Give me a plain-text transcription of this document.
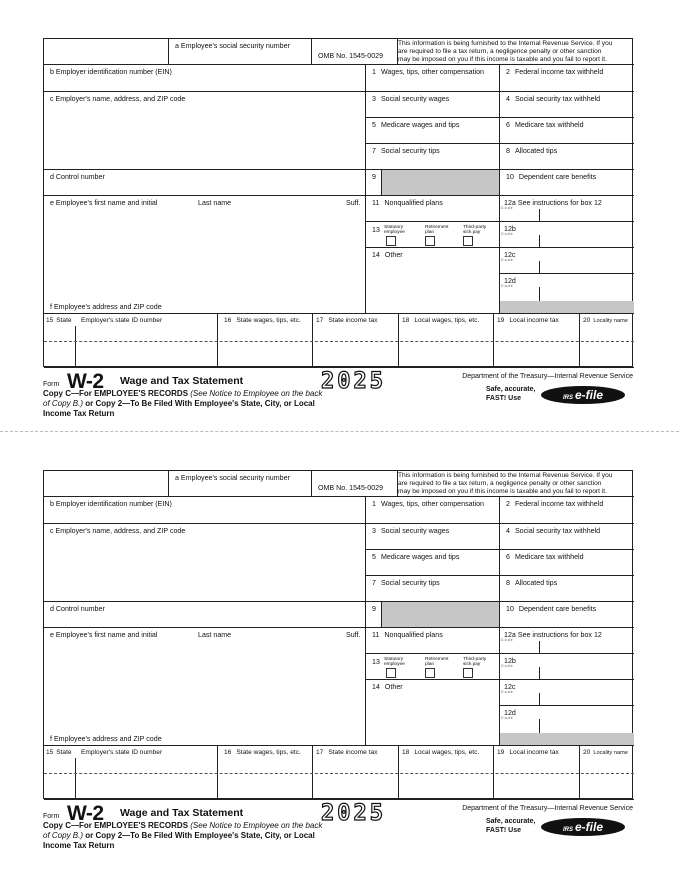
a Employee's social security number
OMB No. 1545-0029
This information is being furnished to the Internal Revenue Service. If you
are required to file a tax return, a negligence penalty or other sanction
may be imposed on you if this income is taxable and you fail to report it.
b Employer identification number (EIN)	1 Wages, tips, other compensation	2 Federal income tax withheld
c Employer's name, address, and ZIP code	3 Social security wages	4 Social security tax withheld
5 Medicare wages and tips	6 Medicare tax withheld
7 Social security tips	8 Allocated tips
d Control number	9	10 Dependent care benefits
e Employee's first name and initial	Last name	Suff.
f Employee's address and ZIP code
11 Nonqualified plans
13 Statutory employee
Retirement plan
Third-party sick pay
14 Other
12a See instructions for box 12
C o d e
12b
C o d e
12c
C o d e
12d
C o d e
15 State Employer's state ID number	16 State wages, tips, etc.	17 State income tax	18 Local wages, tips, etc.	19 Local income tax	20 Locality name
Form W-2 Wage and Tax Statement	2025
Copy C—For EMPLOYEE'S RECORDS (See Notice to Employee on the back of Copy B.) or Copy 2—To Be Filed With Employee's State, City, or Local Income Tax Return
Department of the Treasury—Internal Revenue Service
Safe, accurate,
FAST! Use	IRS e-file
a Employee's social security number
OMB No. 1545-0029
This information is being furnished to the Internal Revenue Service. If you
are required to file a tax return, a negligence penalty or other sanction
may be imposed on you if this income is taxable and you fail to report it.
b Employer identification number (EIN)	1 Wages, tips, other compensation	2 Federal income tax withheld
c Employer's name, address, and ZIP code	3 Social security wages	4 Social security tax withheld
5 Medicare wages and tips	6 Medicare tax withheld
7 Social security tips	8 Allocated tips
d Control number	9	10 Dependent care benefits
e Employee's first name and initial	Last name	Suff.
f Employee's address and ZIP code
11 Nonqualified plans
13 Statutory employee
Retirement plan
Third-party sick pay
14 Other
12a See instructions for box 12
C o d e
12b
C o d e
12c
C o d e
12d
C o d e
15 State Employer's state ID number	16 State wages, tips, etc.	17 State income tax	18 Local wages, tips, etc.	19 Local income tax	20 Locality name
Form W-2 Wage and Tax Statement	2025
Copy C—For EMPLOYEE'S RECORDS (See Notice to Employee on the back of Copy B.) or Copy 2—To Be Filed With Employee's State, City, or Local Income Tax Return
Department of the Treasury—Internal Revenue Service
Safe, accurate,
FAST! Use	IRS e-file
